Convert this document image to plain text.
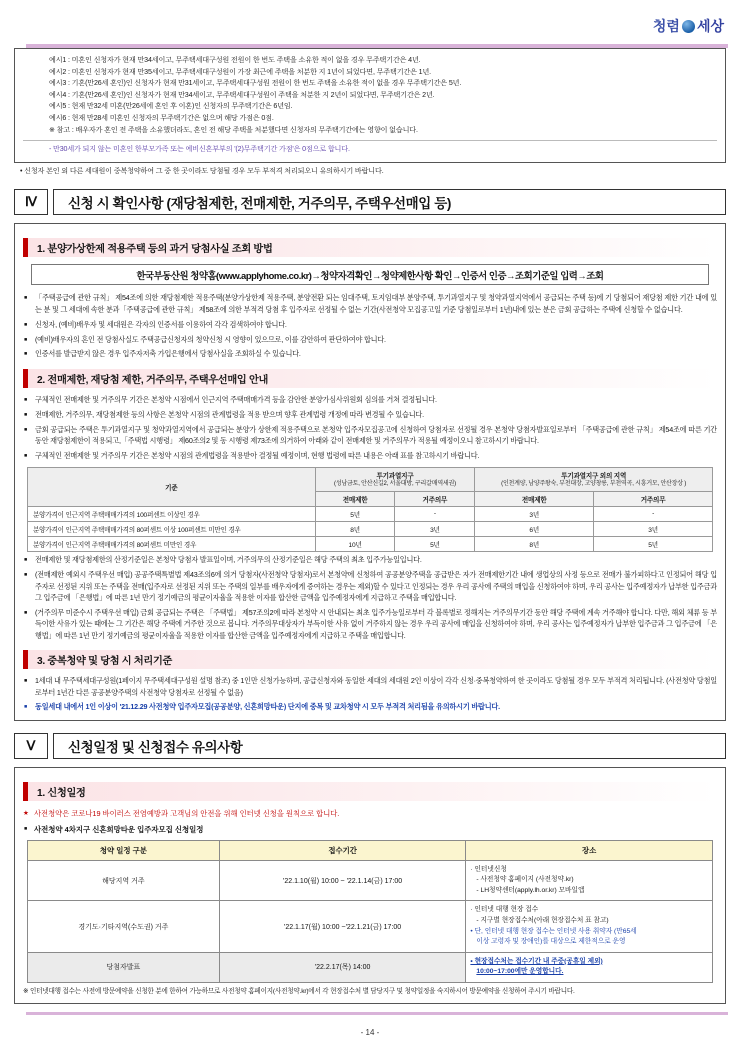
청렴 세상
예시1 : 미혼인 신청자가 현재 만34세이고, 무주택세대구성원 전원이 한 번도 주택을 소유한 적이 없을 경우 무주택기간은 4년.
예시2 : 미혼인 신청자가 현재 만35세이고, 무주택세대구성원이 가장 최근에 주택을 처분한 지 1년이 되었다면, 무주택기간은 1년.
예시3 : 기혼(만26세 혼인)인 신청자가 현재 만31세이고, 무주택세대구성원 전원이 한 번도 주택을 소유한 적이 없을 경우 무주택기간은 5년.
예시4 : 기혼(만26세 혼인)인 신청자가 현재 만34세이고, 무주택세대구성원이 주택을 처분한 지 2년이 되었다면, 무주택기간은 2년.
예시5 : 현재 만32세 미혼(만26세에 혼인 후 이혼)인 신청자의 무주택기간은 6년임.
예시6 : 현재 만28세 미혼인 신청자의 무주택기간은 없으며 해당 가점은 0점.
※ 참고 : 배우자가 혼인 전 주택을 소유했더라도, 혼인 전 해당 주택을 처분했다면 신청자의 무주택기간에는 영향이 없습니다.
- 만30세가 되지 않는 미혼인 한부모가족 또는 예비신혼부부의 '(2)무주택기간 가점'은 0점으로 합니다.
• 신청자 본인 외 다른 세대원이 중복청약하여 그 중 한 곳이라도 당첨될 경우 모두 부적격 처리되오니 유의하시기 바랍니다.
Ⅳ	신청 시 확인사항 (재당첨제한, 전매제한, 거주의무, 주택우선매입 등)
1. 분양가상한제 적용주택 등의 과거 당첨사실 조회 방법
한국부동산원 청약홈(www.applyhome.co.kr)→청약자격확인→청약제한사항 확인→인증서 인증→조회기준일 입력→조회
■ 「주택공급에 관한 규칙」 제54조에 의한 재당첨제한 적용주택(분양가상한제 적용주택, 분양전환 되는 임대주택, 토지임대부 분양주택, 투기과열지구 및 청약과열지역에서 공급되는 주택 등)에 기 당첨되어 재당첨 제한 기간 내에 있는 분 및 그 세대에 속한 분과「주택공급에 관한 규칙」 제58조에 의한 부적격 당첨 후 입주자로 선정될 수 없는 기간(사전청약 모집공고일 기준 당첨일로부터 1년)내에 있는 분은 금회 공급하는 주택에 신청할 수 없습니다.
■ 신청자, (예비)배우자 및 세대원은 각자의 인증서를 이용하여 각각 검색하여야 합니다.
■ (예비)배우자의 혼인 전 당첨사실도 주택공급신청자의 청약신청 시 영향이 있으므로, 이를 감안하여 판단하여야 합니다.
■ 인증서를 발급받지 않은 경우 입주자저축 가입은행에서 당첨사실을 조회하실 수 있습니다.
2. 전매제한, 재당첨 제한, 거주의무, 주택우선매입 안내
■ 구체적인 전매제한 및 거주의무 기간은 본청약 시점에서 인근지역 주택매매가격 등을 감안한 분양가심사위원회 심의를 거쳐 결정됩니다.
■ 전매제한, 거주의무, 재당첨제한 등의 사항은 본청약 시점의 관계법령을 적용 받으며 향후 관계법령 개정에 따라 변경될 수 있습니다.
■ 금회 공급되는 주택은 투기과열지구 및 청약과열지역에서 공급되는 분양가 상한제 적용주택으로 본청약 입주자모집공고에 신청하여 당첨자로 선정될 경우 본청약 당첨자발표일로부터 「주택공급에 관한 규칙」 제54조에 따른 기간 동안 재당첨제한이 적용되고,「주택법 시행령」 제60조의2 및 동 시행령 제73조에 의거하여 아래와 같이 전매제한 및 거주의무가 적용될 예정이오니 참고하시기 바랍니다.
■ 구체적인 전매제한 및 거주의무 기간은 본청약 시점의 관계법령을 적용받아 결정될 예정이며, 현행 법령에 따른 내용은 아래 표를 참고하시기 바랍니다.
기준	투기과열지구
(성남금토, 안산신길2, 서울대방, 구리갈매역세권)		투기과열지구 외의 지역
(인천계양, 남양주왕숙, 부천대장, 고양창릉, 부천역곡, 시흥거모, 안산장상 )	

	전매제한	거주의무	전매제한	거주의무
분양가격이 인근지역 주택매매가격의 100퍼센트 이상인 경우	5년	-	3년	-
분양가격이 인근지역 주택매매가격의 80퍼센트 이상 100퍼센트 미만인 경우	8년	3년	6년	3년
분양가격이 인근지역 주택매매가격의 80퍼센트 미만인 경우	10년	5년	8년	5년
■ 전매제한 및 재당첨제한의 산정기준일은 본청약 당첨자 발표일이며, 거주의무의 산정기준일은 해당 주택의 최초 입주가능일입니다.
■ (전매제한 예외시 주택우선 매입) 공공주택특별법 제43조의6에 의거 당첨자(사전청약 당첨자)로서 본청약에 신청하여 공공분양주택을 공급받은 자가 전매제한기간 내에 생업상의 사정 등으로 전매가 불가피하다고 인정되어 해당 입주자로 선정된 지위 또는 주택을 전매(입주자로 선정된 지위 또는 주택의 일부를 배우자에게 증여하는 경우는 제외)할 수 있다고 인정되는 경우 우리 공사에 주택의 매입을 신청하여야 하며, 우리 공사는 입주예정자가 납부한 입주금과 그 입주금에 「은행법」에 따른 1년 만기 정기예금의 평균이자율을 적용한 이자를 합산한 금액을 입주예정자에게 지급하고 주택을 매입합니다.
■ (거주의무 미준수시 주택우선 매입) 금회 공급되는 주택은 「주택법」 제57조의2에 따라 본청약 시 안내되는 최초 입주가능일로부터 각 블록별로 정해지는 거주의무기간 동안 해당 주택에 계속 거주해야 합니다. 다만, 해외 체류 등 부득이한 사유가 있는 때에는 그 기간은 해당 주택에 거주한 것으로 봅니다. 거주의무대상자가 부득이한 사유 없이 거주하지 않는 경우 우리 공사에 매입을 신청하여야 하며, 우리 공사는 입주예정자가 납부한 입주금과 그 입주금에 「은행법」에 따른 1년 만기 정기예금의 평균이자율을 적용한 이자를 합산한 금액을 입주예정자에게 지급하고 주택을 매입합니다.
3. 중복청약 및 당첨 시 처리기준
■ 1세대 내 무주택세대구성원(1페이지 무주택세대구성원 설명 참조) 중 1인만 신청가능하며, 공급신청자와 동일한 세대의 세대원 2인 이상이 각각 신청·중복청약하여 한 곳이라도 당첨될 경우 모두 부적격 처리됩니다. (사전청약 당첨일로부터 1년간 다른 공공분양주택의 사전청약 당첨자로 선정될 수 없음)
■ 동일세대 내에서 1인 이상이 '21.12.29 사전청약 입주자모집(공공분양, 신혼희망타운) 단지에 중복 및 교차청약 시 모두 부적격 처리됨을 유의하시기 바랍니다.
Ⅴ	신청일정 및 신청접수 유의사항
1. 신청일정
★ 사전청약은 코로나19 바이러스 전염예방과 고객님의 안전을 위해 인터넷 신청을 원칙으로 합니다.
■ 사전청약 4차지구 신혼희망타운 입주자모집 신청일정
청약 일정 구분	접수기간	장소
해당지역 거주	'22.1.10(월) 10:00 ~ '22.1.14(금) 17:00	· 인터넷신청
- 사전청약 홈페이지 (사전청약.kr)
- LH청약센터(apply.lh.or.kr) 모바일앱

경기도·기타지역(수도권) 거주	'22.1.17(월) 10:00 ~'22.1.21(금) 17:00	· 인터넷 대행 현장 접수
- 지구별 현장접수처(아래 현장접수처 표 참고)
• 단, 인터넷 대행 현장 접수는 인터넷 사용 취약자 (만65세
이상 고령자 및 장애인)를 대상으로 제한적으로 운영

당첨자발표	'22.2.17(목) 14:00	• 현장접수처는 접수기간 내 주중(공휴일 제외)
10:00~17:00에만 운영합니다.
※ 인터넷대행 접수는 사전에 방문예약을 신청한 분에 한하여 가능하므로 사전청약 홈페이지(사전청약.kr)에서 각 현장접수처 별 담당지구 및 청약일정을 숙지하시어 방문예약을 신청하여 주시기 바랍니다.
- 14 -
